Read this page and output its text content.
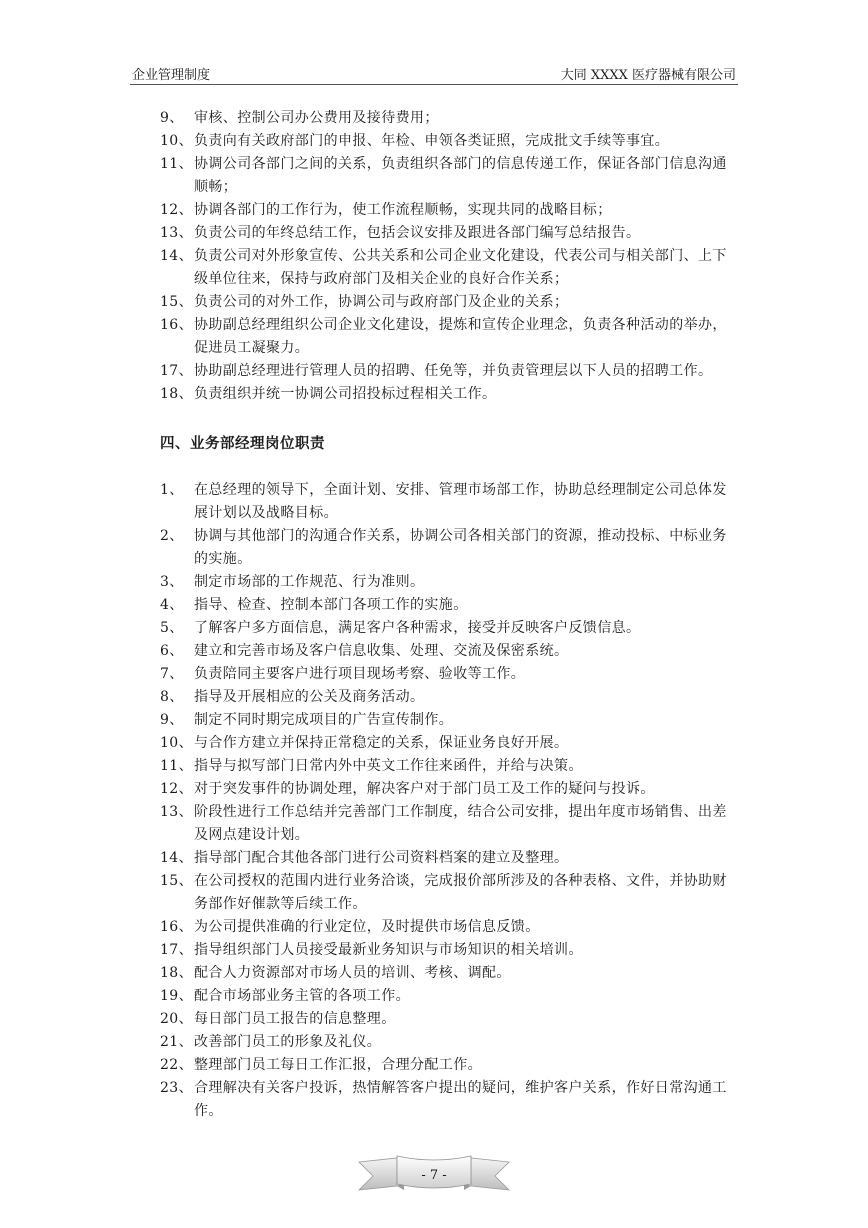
企业管理制度	大同 XXXX 医疗器械有限公司
9、 审核、控制公司办公费用及接待费用；
10、 负责向有关政府部门的申报、年检、申领各类证照，完成批文手续等事宜。
11、 协调公司各部门之间的关系，负责组织各部门的信息传递工作，保证各部门信息沟通顺畅；
12、 协调各部门的工作行为，使工作流程顺畅，实现共同的战略目标；
13、 负责公司的年终总结工作，包括会议安排及跟进各部门编写总结报告。
14、 负责公司对外形象宣传、公共关系和公司企业文化建设，代表公司与相关部门、上下级单位往来，保持与政府部门及相关企业的良好合作关系；
15、 负责公司的对外工作，协调公司与政府部门及企业的关系；
16、 协助副总经理组织公司企业文化建设，提炼和宣传企业理念，负责各种活动的举办，促进员工凝聚力。
17、 协助副总经理进行管理人员的招聘、任免等，并负责管理层以下人员的招聘工作。
18、 负责组织并统一协调公司招投标过程相关工作。
四、业务部经理岗位职责
1、 在总经理的领导下，全面计划、安排、管理市场部工作，协助总经理制定公司总体发展计划以及战略目标。
2、 协调与其他部门的沟通合作关系，协调公司各相关部门的资源，推动投标、中标业务的实施。
3、 制定市场部的工作规范、行为准则。
4、 指导、检查、控制本部门各项工作的实施。
5、 了解客户多方面信息，满足客户各种需求，接受并反映客户反馈信息。
6、 建立和完善市场及客户信息收集、处理、交流及保密系统。
7、 负责陪同主要客户进行项目现场考察、验收等工作。
8、 指导及开展相应的公关及商务活动。
9、 制定不同时期完成项目的广告宣传制作。
10、 与合作方建立并保持正常稳定的关系，保证业务良好开展。
11、 指导与拟写部门日常内外中英文工作往来函件，并给与决策。
12、 对于突发事件的协调处理，解决客户对于部门员工及工作的疑问与投诉。
13、 阶段性进行工作总结并完善部门工作制度，结合公司安排，提出年度市场销售、出差及网点建设计划。
14、 指导部门配合其他各部门进行公司资料档案的建立及整理。
15、 在公司授权的范围内进行业务洽谈，完成报价部所涉及的各种表格、文件，并协助财务部作好催款等后续工作。
16、 为公司提供准确的行业定位，及时提供市场信息反馈。
17、 指导组织部门人员接受最新业务知识与市场知识的相关培训。
18、 配合人力资源部对市场人员的培训、考核、调配。
19、 配合市场部业务主管的各项工作。
20、 每日部门员工报告的信息整理。
21、 改善部门员工的形象及礼仪。
22、 整理部门员工每日工作汇报，合理分配工作。
23、 合理解决有关客户投诉，热情解答客户提出的疑问，维护客户关系，作好日常沟通工作。
- 7 -
